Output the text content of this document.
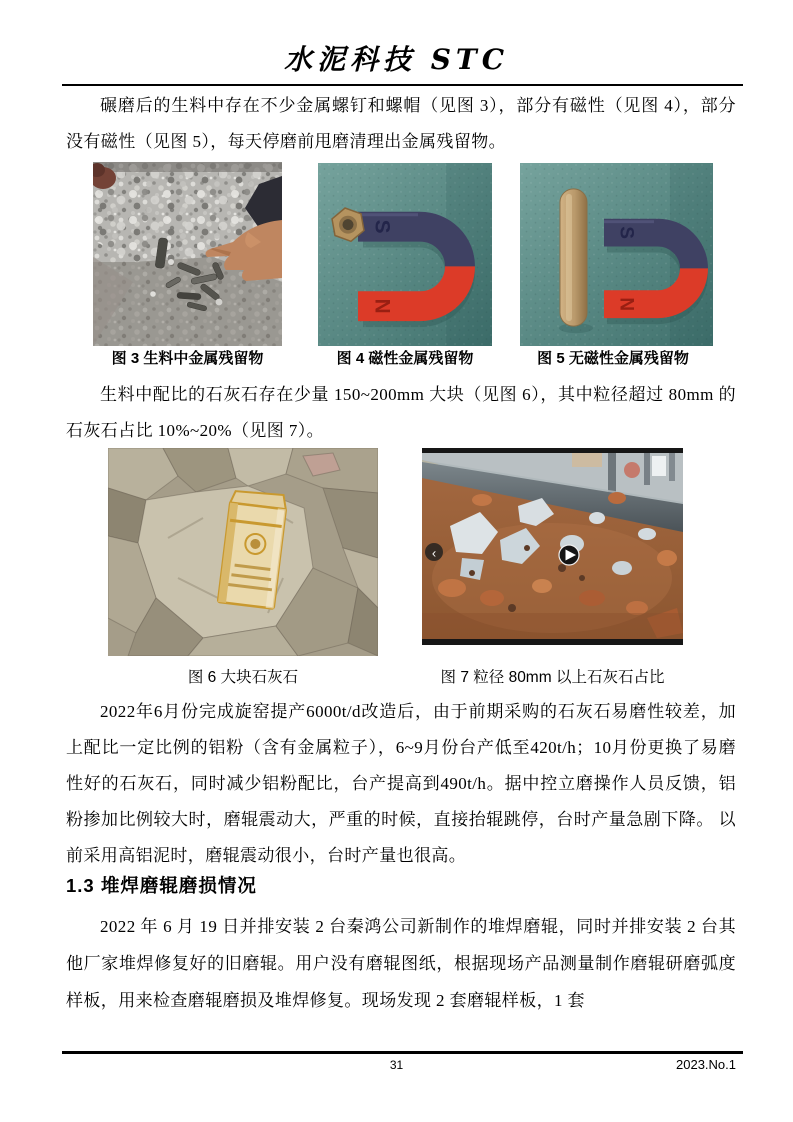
水泥科技 STC
碾磨后的生料中存在不少金属螺钉和螺帽（见图 3），部分有磁性（见图 4），部分没有磁性（见图 5），每天停磨前甩磨清理出金属残留物。
S
N
S
N
图 3 生料中金属残留物	图 4 磁性金属残留物	图 5 无磁性金属残留物
生料中配比的石灰石存在少量 150~200mm 大块（见图 6），其中粒径超过 80mm 的石灰石占比 10%~20%（见图 7）。
‹
图 6 大块石灰石	图 7 粒径 80mm 以上石灰石占比
2022年6月份完成旋窑提产6000t/d改造后，由于前期采购的石灰石易磨性较差，加上配比一定比例的铝粉（含有金属粒子），6~9月份台产低至420t/h；10月份更换了易磨性好的石灰石，同时减少铝粉配比，台产提高到490t/h。据中控立磨操作人员反馈，铝粉掺加比例较大时，磨辊震动大，严重的时候，直接抬辊跳停，台时产量急剧下降。 以前采用高铝泥时，磨辊震动很小，台时产量也很高。
1.3 堆焊磨辊磨损情况
2022 年 6 月 19 日并排安装 2 台秦鸿公司新制作的堆焊磨辊，同时并排安装 2 台其他厂家堆焊修复好的旧磨辊。用户没有磨辊图纸，根据现场产品测量制作磨辊研磨弧度样板，用来检查磨辊磨损及堆焊修复。现场发现 2 套磨辊样板，1 套
31	2023.No.1
